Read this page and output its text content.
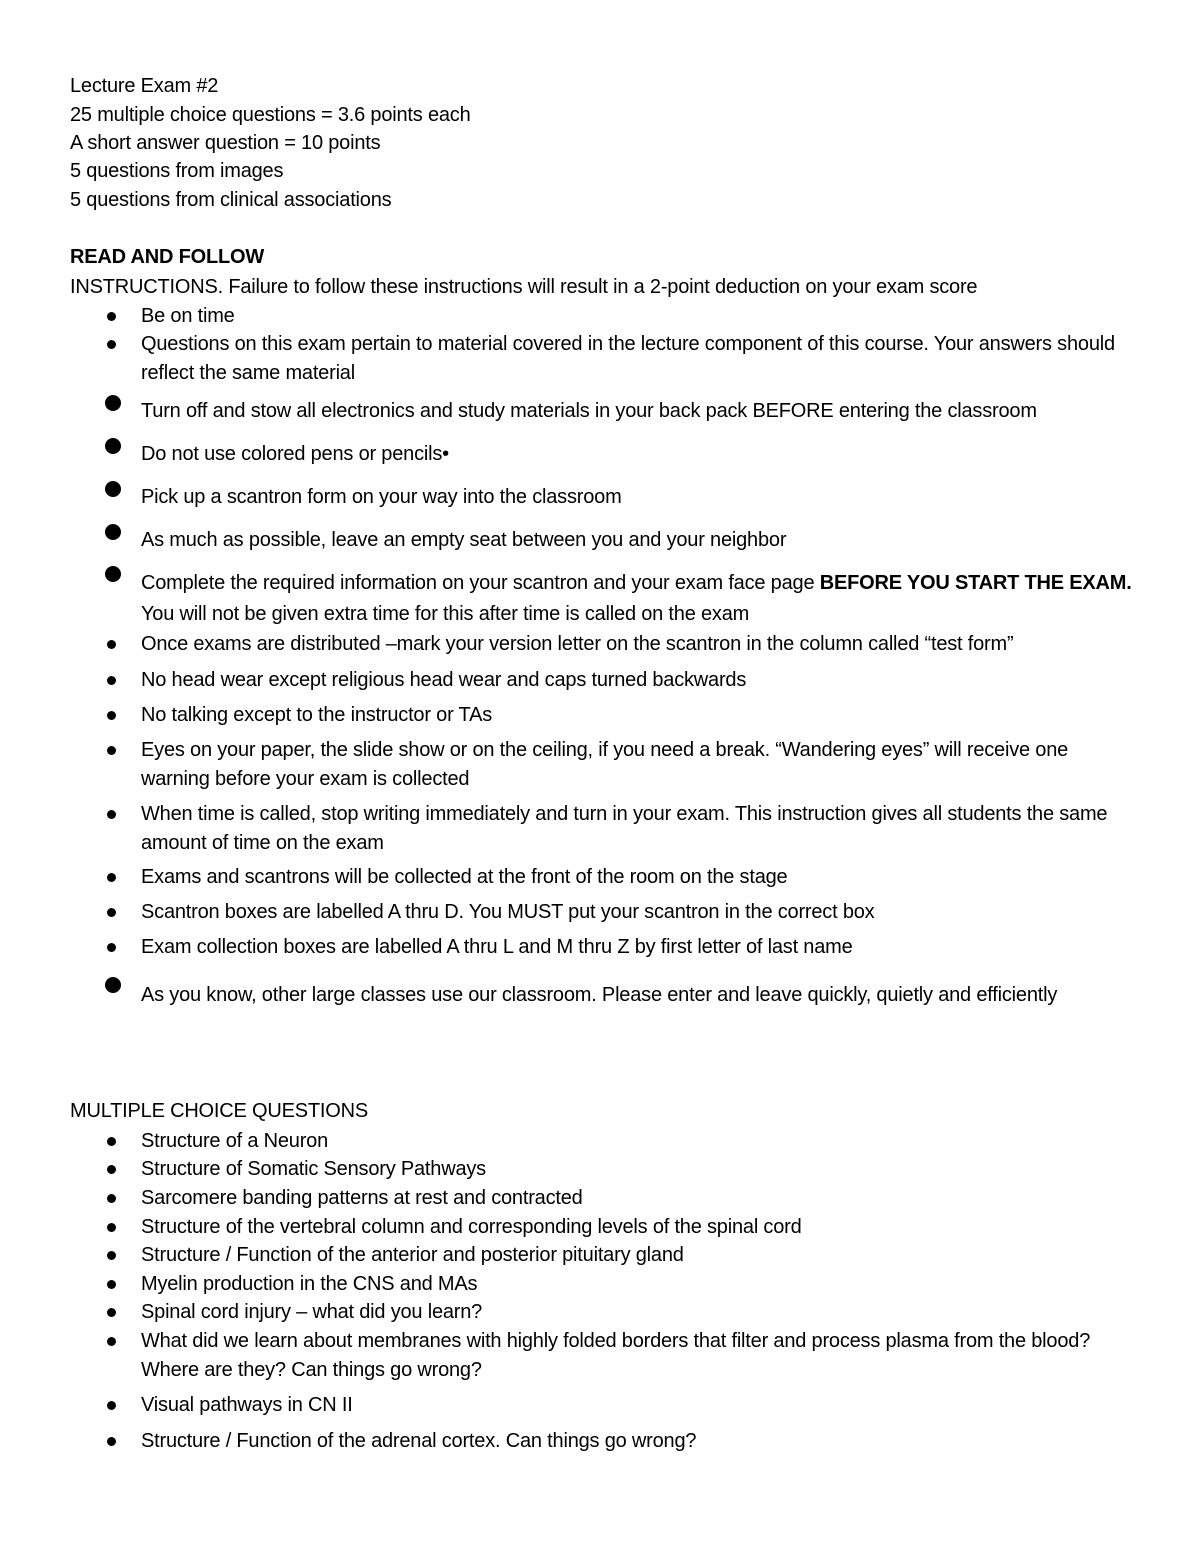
Lecture Exam #2
25 multiple choice questions = 3.6 points each
A short answer question = 10 points
5 questions from images
5 questions from clinical associations
READ AND FOLLOW
INSTRUCTIONS. Failure to follow these instructions will result in a 2-point deduction on your exam score
Be on time
Questions on this exam pertain to material covered in the lecture component of this course. Your answers should reflect the same material
Turn off and stow all electronics and study materials in your back pack BEFORE entering the classroom
Do not use colored pens or pencils•
Pick up a scantron form on your way into the classroom
As much as possible, leave an empty seat between you and your neighbor
Complete the required information on your scantron and your exam face page BEFORE YOU START THE EXAM. You will not be given extra time for this after time is called on the exam
Once exams are distributed –mark your version letter on the scantron in the column called “test form”
No head wear except religious head wear and caps turned backwards
No talking except to the instructor or TAs
Eyes on your paper, the slide show or on the ceiling, if you need a break. “Wandering eyes” will receive one warning before your exam is collected
When time is called, stop writing immediately and turn in your exam. This instruction gives all students the same amount of time on the exam
Exams and scantrons will be collected at the front of the room on the stage
Scantron boxes are labelled A thru D. You MUST put your scantron in the correct box
Exam collection boxes are labelled A thru L and M thru Z by first letter of last name
As you know, other large classes use our classroom. Please enter and leave quickly, quietly and efficiently
MULTIPLE CHOICE QUESTIONS
Structure of a Neuron
Structure of Somatic Sensory Pathways
Sarcomere banding patterns at rest and contracted
Structure of the vertebral column and corresponding levels of the spinal cord
Structure / Function of the anterior and posterior pituitary gland
Myelin production in the CNS and MAs
Spinal cord injury – what did you learn?
What did we learn about membranes with highly folded borders that filter and process plasma from the blood? Where are they? Can things go wrong?
Visual pathways in CN II
Structure / Function of the adrenal cortex. Can things go wrong?
